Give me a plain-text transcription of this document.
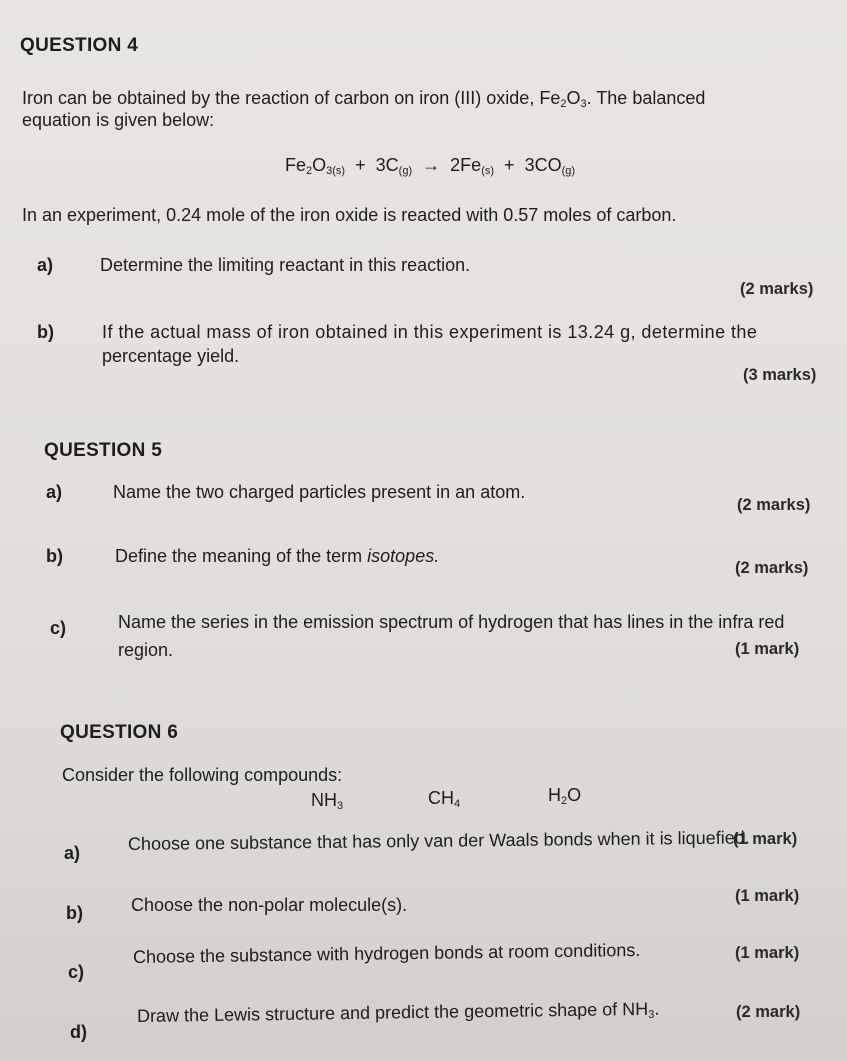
QUESTION 4
Iron can be obtained by the reaction of carbon on iron (III) oxide, $Fe_2O_3$. The balanced
equation is given below:
$Fe_2O_{3(s)} + 3C_{(g)} \to 2Fe_{(s)} + 3CO_{(g)}$
In an experiment, 0.24 mole of the iron oxide is reacted with 0.57 moles of carbon.
a)	Determine the limiting reactant in this reaction.
(2 marks)
b)	If the actual mass of iron obtained in this experiment is 13.24 g, determine the
percentage yield.
(3 marks)
QUESTION 5
a)	Name the two charged particles present in an atom.
(2 marks)
b)	Define the meaning of the term isotopes.
(2 marks)
c)	Name the series in the emission spectrum of hydrogen that has lines in the infra red
region.	(1 mark)
QUESTION 6
Consider the following compounds:
$NH_3$	$CH_4$	$H_2O$
a)	Choose one substance that has only van der Waals bonds when it is liquefied.
(1 mark)
b)	Choose the non-polar molecule(s).	(1 mark)
c)
Choose the substance with hydrogen bonds at room conditions.	(1 mark)
d)
Draw the Lewis structure and predict the geometric shape of $NH_3$.	(2 mark)
